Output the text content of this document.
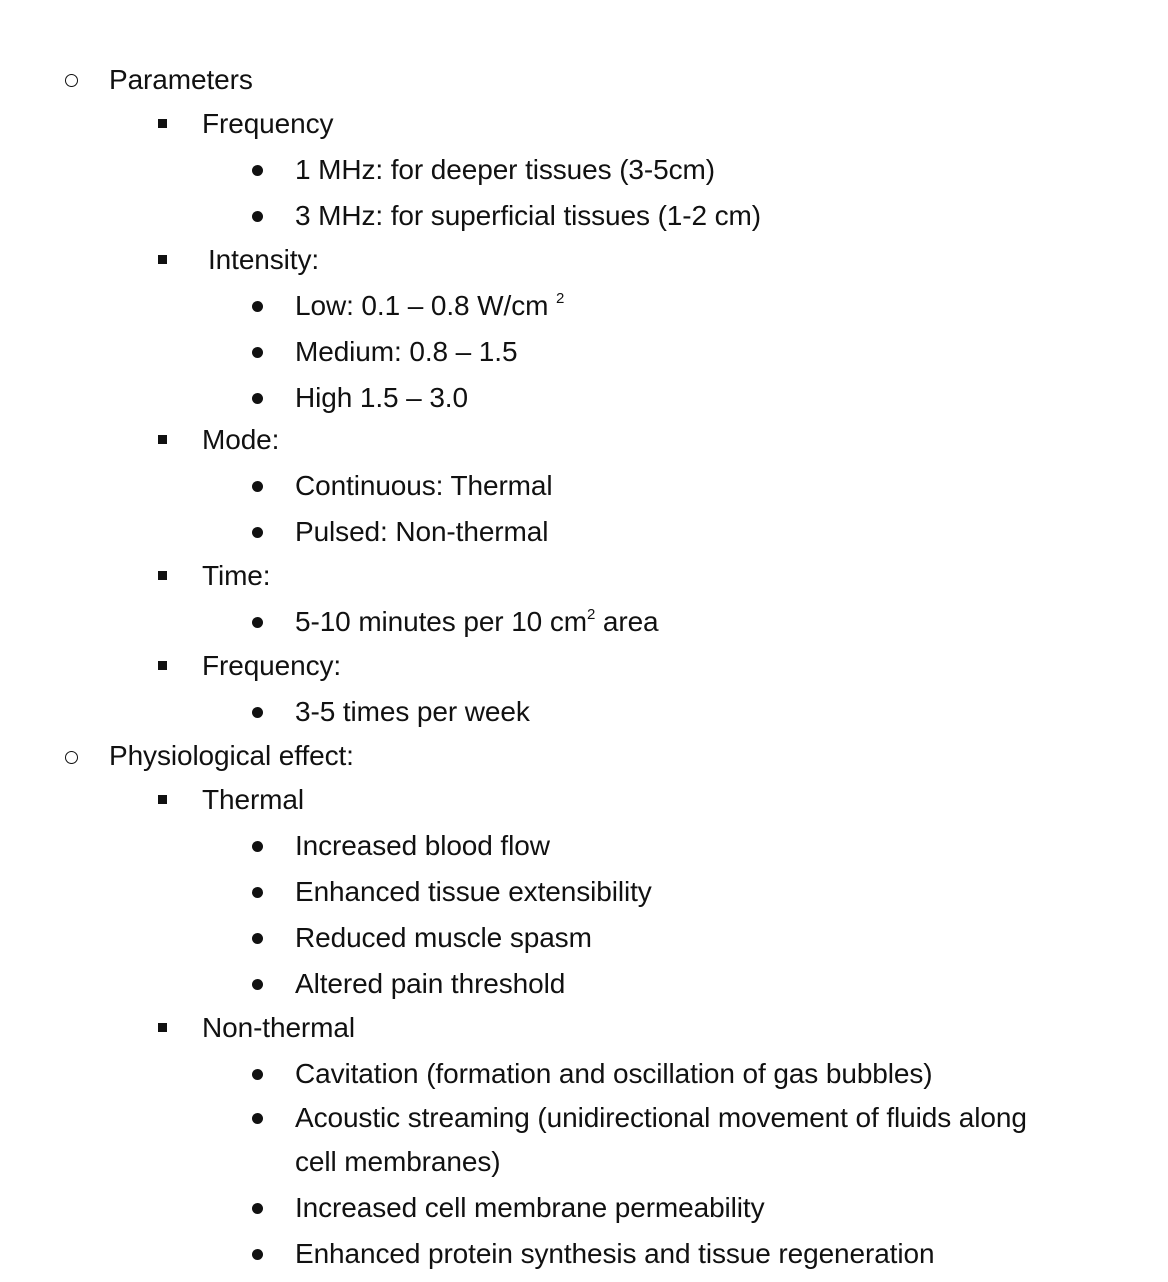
Parameters
Frequency
1 MHz: for deeper tissues (3-5cm)
3 MHz: for superficial tissues (1-2 cm)
Intensity:
Low: 0.1 – 0.8 W/cm $^2$
Medium: 0.8 – 1.5
High 1.5 – 3.0
Mode:
Continuous: Thermal
Pulsed: Non-thermal
Time:
5-10 minutes per 10 $cm^2$ area
Frequency:
3-5 times per week
Physiological effect:
Thermal
Increased blood flow
Enhanced tissue extensibility
Reduced muscle spasm
Altered pain threshold
Non-thermal
Cavitation (formation and oscillation of gas bubbles)
Acoustic streaming (unidirectional movement of fluids along
cell membranes)
Increased cell membrane permeability
Enhanced protein synthesis and tissue regeneration
